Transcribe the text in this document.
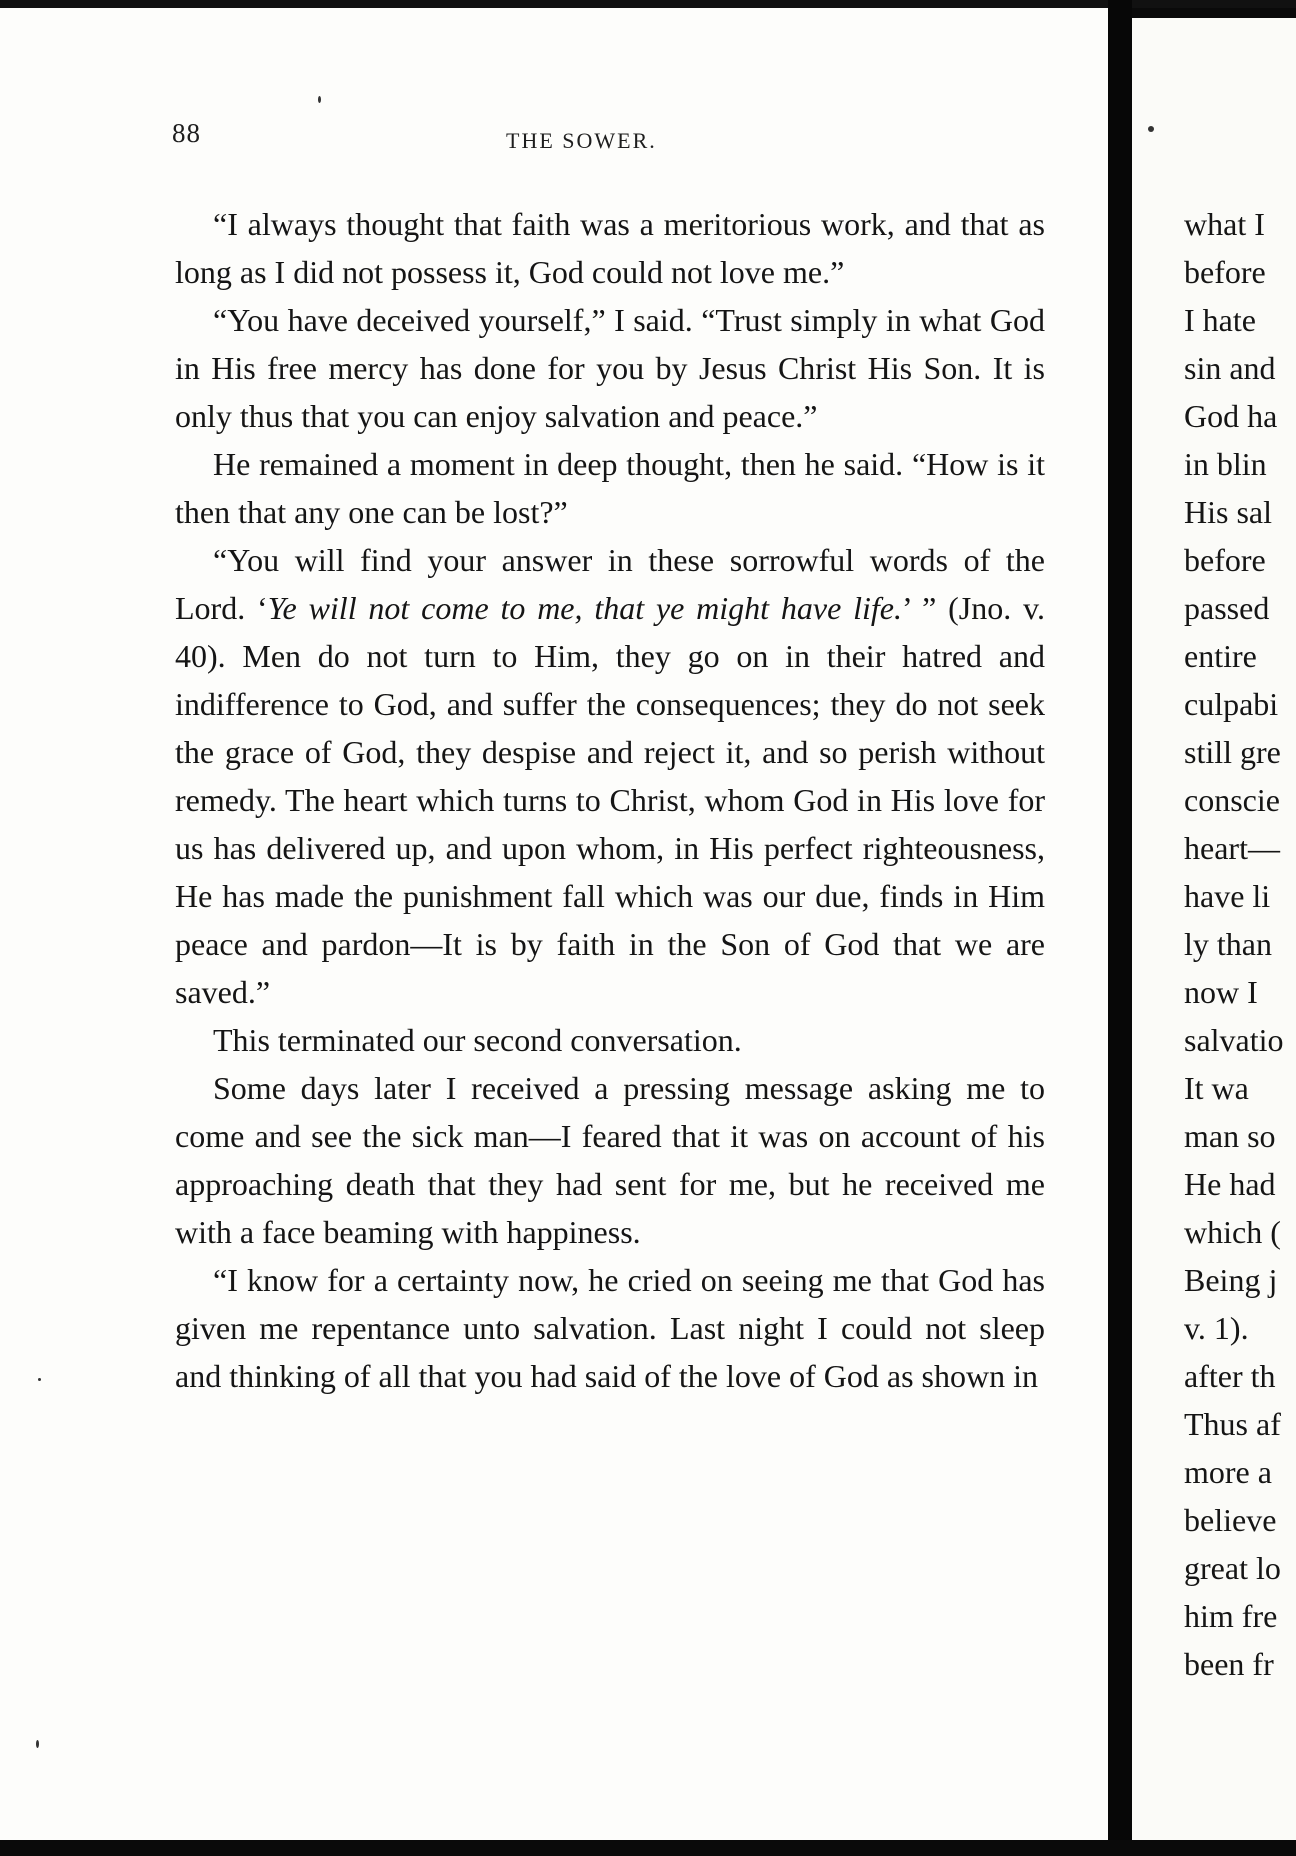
88	THE SOWER.

“I always thought that faith was a meritorious work, and that as long as I did not possess it, God could not love me.”

“You have deceived yourself,” I said. “Trust simply in what God in His free mercy has done for you by Jesus Christ His Son. It is only thus that you can enjoy salvation and peace.”

He remained a moment in deep thought, then he said. “How is it then that any one can be lost?”

“You will find your answer in these sorrowful words of the Lord. ‘Ye will not come to me, that ye might have life.’ ” (Jno. v. 40). Men do not turn to Him, they go on in their hatred and indifference to God, and suffer the consequences; they do not seek the grace of God, they despise and reject it, and so perish without remedy. The heart which turns to Christ, whom God in His love for us has delivered up, and upon whom, in His perfect righteousness, He has made the punishment fall which was our due, finds in Him peace and pardon—It is by faith in the Son of God that we are saved.”

This terminated our second conversation.

Some days later I received a pressing message asking me to come and see the sick man—I feared that it was on account of his approaching death that they had sent for me, but he received me with a face beaming with happiness.

“I know for a certainty now, he cried on seeing me that God has given me repentance unto salvation. Last night I could not sleep and thinking of all that you had said of the love of God as shown in

what I
before
I hate
sin and
God ha
in blin
His sal
before
passed
entire
culpabi
still gre
conscie
heart—
have li
ly than
now I
salvatio
It wa
man so
He had
which (
Being j
v. 1).
after th
Thus af
more a
believe
great lo
him fre
been fr
